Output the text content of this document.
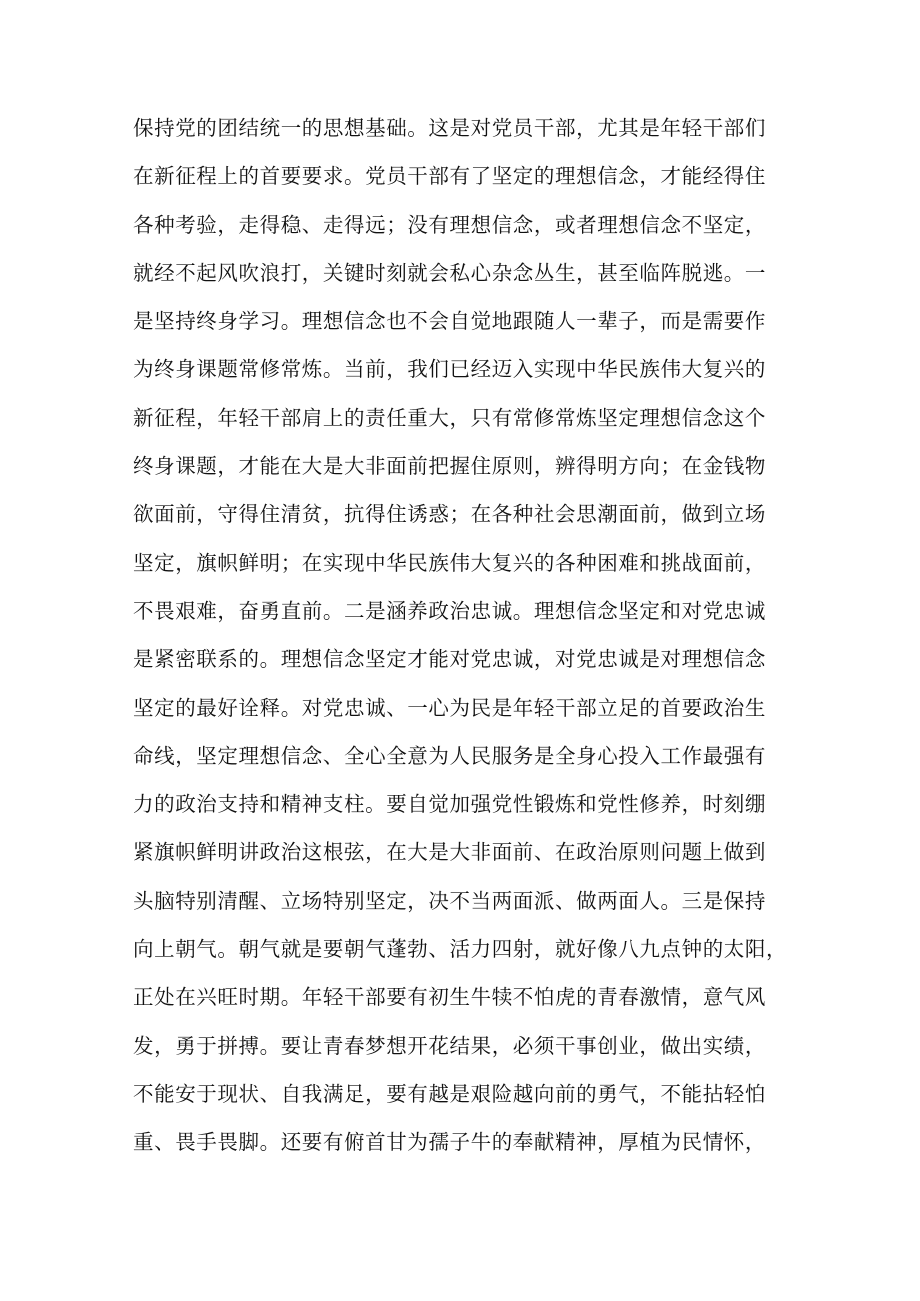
保持党的团结统一的思想基础。这是对党员干部，尤其是年轻干部们
在新征程上的首要要求。党员干部有了坚定的理想信念，才能经得住
各种考验，走得稳、走得远；没有理想信念，或者理想信念不坚定，
就经不起风吹浪打，关键时刻就会私心杂念丛生，甚至临阵脱逃。一
是坚持终身学习。理想信念也不会自觉地跟随人一辈子，而是需要作
为终身课题常修常炼。当前，我们已经迈入实现中华民族伟大复兴的
新征程，年轻干部肩上的责任重大，只有常修常炼坚定理想信念这个
终身课题，才能在大是大非面前把握住原则，辨得明方向；在金钱物
欲面前，守得住清贫，抗得住诱惑；在各种社会思潮面前，做到立场
坚定，旗帜鲜明；在实现中华民族伟大复兴的各种困难和挑战面前，
不畏艰难，奋勇直前。二是涵养政治忠诚。理想信念坚定和对党忠诚
是紧密联系的。理想信念坚定才能对党忠诚，对党忠诚是对理想信念
坚定的最好诠释。对党忠诚、一心为民是年轻干部立足的首要政治生
命线，坚定理想信念、全心全意为人民服务是全身心投入工作最强有
力的政治支持和精神支柱。要自觉加强党性锻炼和党性修养，时刻绷
紧旗帜鲜明讲政治这根弦，在大是大非面前、在政治原则问题上做到
头脑特别清醒、立场特别坚定，决不当两面派、做两面人。三是保持
向上朝气。朝气就是要朝气蓬勃、活力四射，就好像八九点钟的太阳，
正处在兴旺时期。年轻干部要有初生牛犊不怕虎的青春激情，意气风
发，勇于拼搏。要让青春梦想开花结果，必须干事创业，做出实绩，
不能安于现状、自我满足，要有越是艰险越向前的勇气，不能拈轻怕
重、畏手畏脚。还要有俯首甘为孺子牛的奉献精神，厚植为民情怀，
